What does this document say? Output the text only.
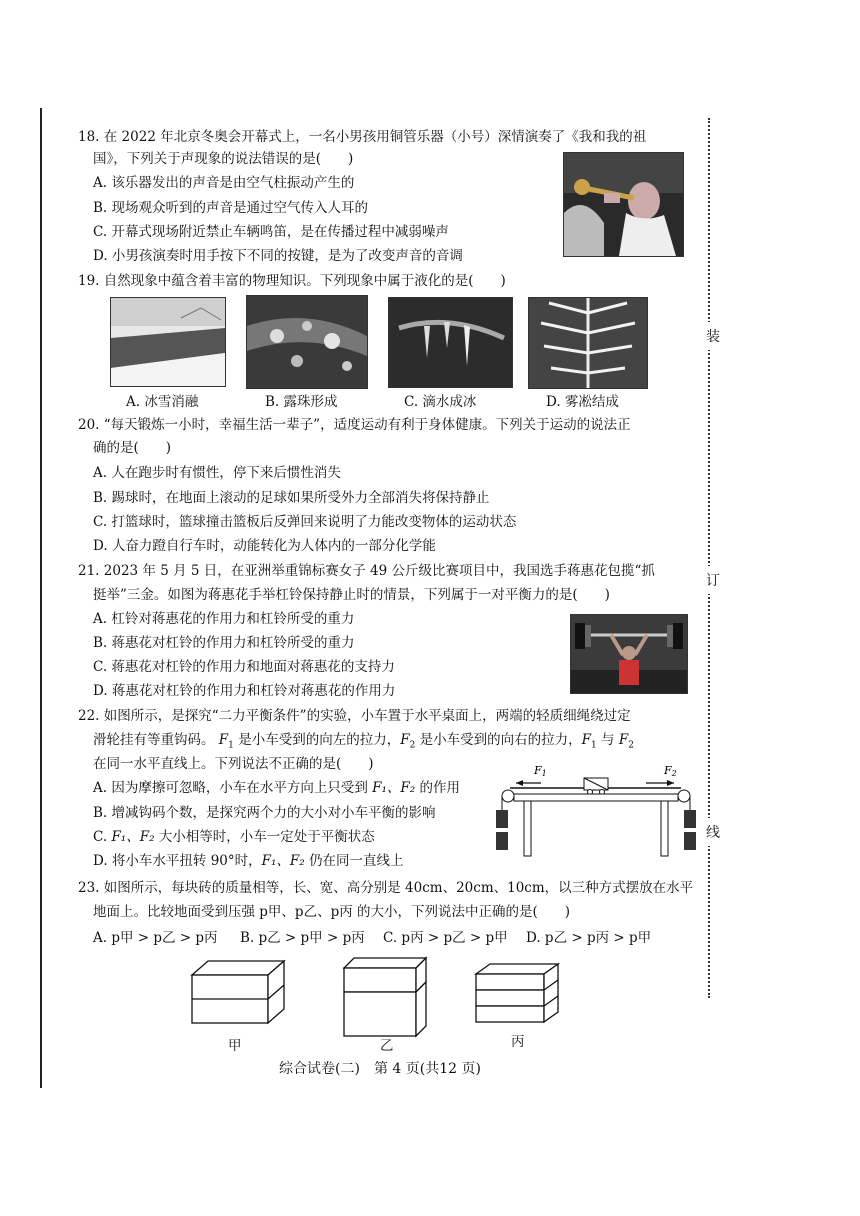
装
订
线
18. 在 2022 年北京冬奥会开幕式上，一名小男孩用铜管乐器（小号）深情演奏了《我和我的祖
国》，下列关于声现象的说法错误的是(　　)
A. 该乐器发出的声音是由空气柱振动产生的
B. 现场观众听到的声音是通过空气传入人耳的
C. 开幕式现场附近禁止车辆鸣笛，是在传播过程中减弱噪声
D. 小男孩演奏时用手按下不同的按键，是为了改变声音的音调
19. 自然现象中蕴含着丰富的物理知识。下列现象中属于液化的是(　　)
A. 冰雪消融	B. 露珠形成	C. 滴水成冰	D. 雾凇结成
20. “每天锻炼一小时，幸福生活一辈子”，适度运动有利于身体健康。下列关于运动的说法正
确的是(　　)
A. 人在跑步时有惯性，停下来后惯性消失
B. 踢球时，在地面上滚动的足球如果所受外力全部消失将保持静止
C. 打篮球时，篮球撞击篮板后反弹回来说明了力能改变物体的运动状态
D. 人奋力蹬自行车时，动能转化为人体内的一部分化学能
21. 2023 年 5 月 5 日，在亚洲举重锦标赛女子 49 公斤级比赛项目中，我国选手蒋惠花包揽“抓
挺举”三金。如图为蒋惠花手举杠铃保持静止时的情景，下列属于一对平衡力的是(　　)
A. 杠铃对蒋惠花的作用力和杠铃所受的重力
B. 蒋惠花对杠铃的作用力和杠铃所受的重力
C. 蒋惠花对杠铃的作用力和地面对蒋惠花的支持力
D. 蒋惠花对杠铃的作用力和杠铃对蒋惠花的作用力
22. 如图所示，是探究“二力平衡条件”的实验，小车置于水平桌面上，两端的轻质细绳绕过定
滑轮挂有等重钩码。 $F_1$ 是小车受到的向左的拉力，$F_2$ 是小车受到的向右的拉力，$F_1$ 与 $F_2$
在同一水平直线上。下列说法不正确的是(　　)
A. 因为摩擦可忽略，小车在水平方向上只受到 F₁、F₂ 的作用
B. 增减钩码个数，是探究两个力的大小对小车平衡的影响
C. F₁、F₂ 大小相等时，小车一定处于平衡状态
D. 将小车水平扭转 90°时，F₁、F₂ 仍在同一直线上
F1	F2
23. 如图所示，每块砖的质量相等，长、宽、高分别是 40cm、20cm、10cm，以三种方式摆放在水平
地面上。比较地面受到压强 p甲、p乙、p丙 的大小，下列说法中正确的是(　　)
A. p甲 > p乙 > p丙 B. p乙 > p甲 > p丙 C. p丙 > p乙 > p甲 D. p乙 > p丙 > p甲
甲	乙	丙
综合试卷(二)　第 4 页(共12 页)
